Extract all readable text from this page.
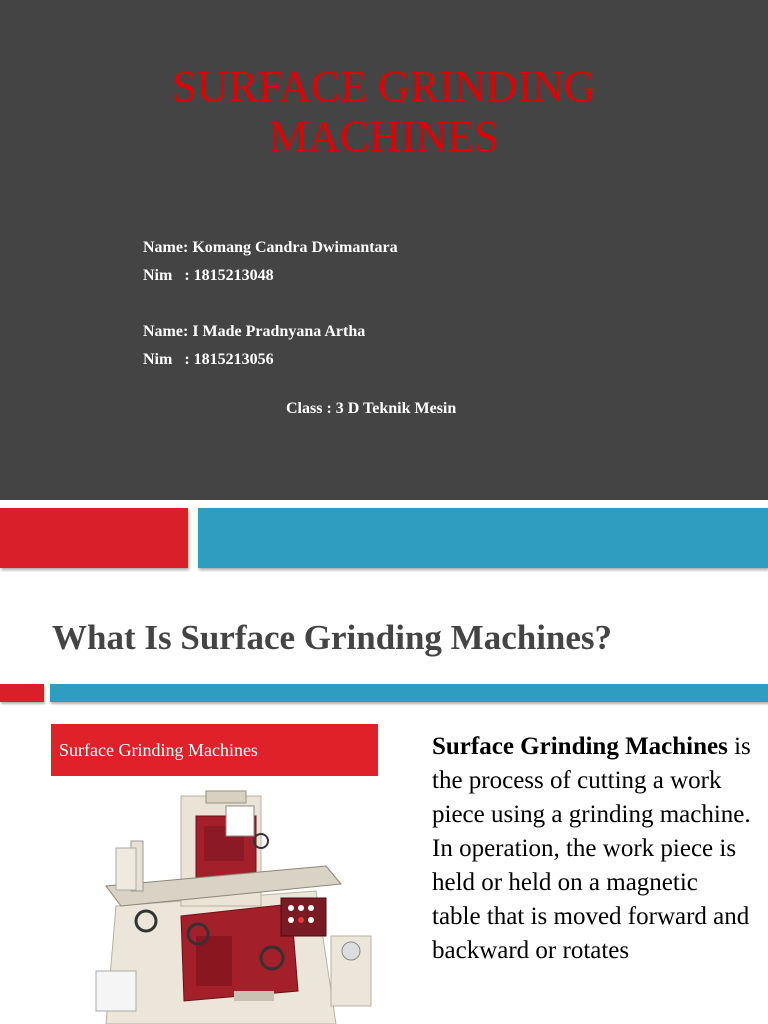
SURFACE GRINDING
MACHINES
Name: Komang Candra Dwimantara
Nim   : 1815213048
Name: I Made Pradnyana Artha
Nim   : 1815213056
Class : 3 D Teknik Mesin
What Is Surface Grinding Machines?
Surface Grinding Machines	Surface Grinding Machines is the process of cutting a work piece using a grinding machine. In operation, the work piece is held or held on a magnetic table that is moved forward and backward or rotates
